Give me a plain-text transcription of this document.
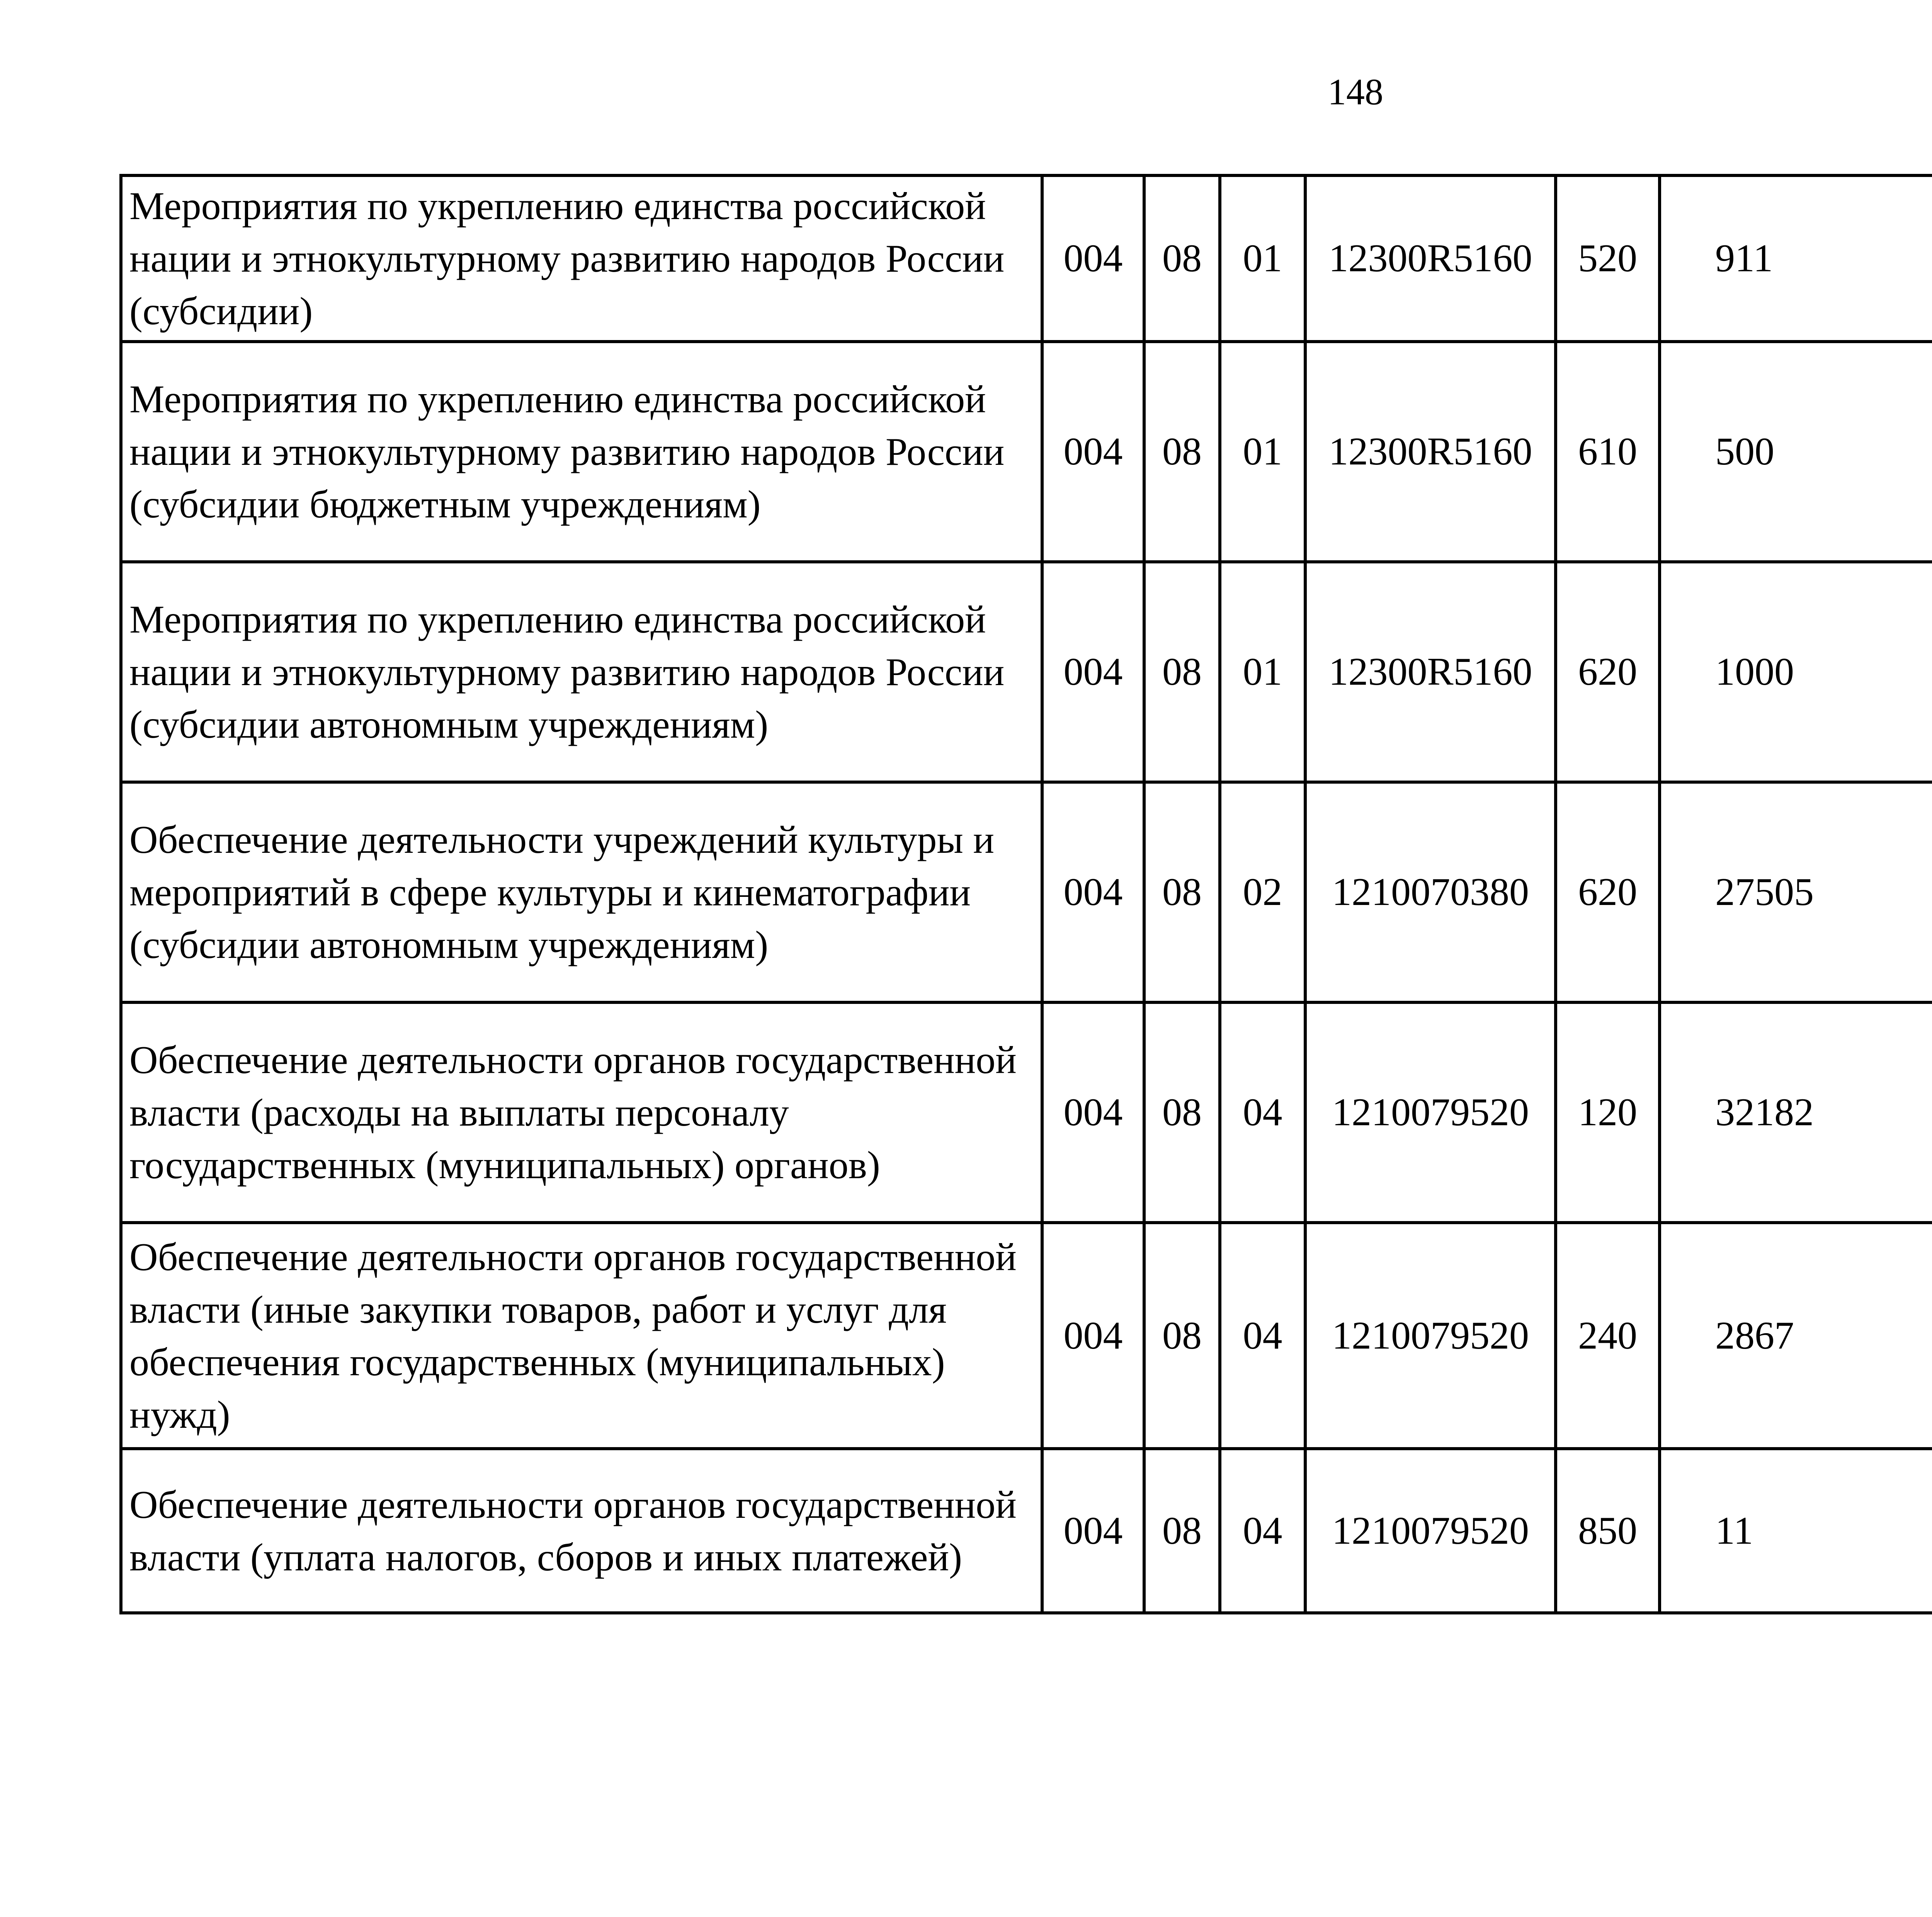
148
Мероприятия по укреплению единства российской нации и этнокультурному развитию народов России (субсидии)	004	08	01	12300R5160	520	911		
Мероприятия по укреплению единства российской нации и этнокультурному развитию народов России (субсидии бюджетным учреждениям)	004	08	01	12300R5160	610	500		
Мероприятия по укреплению единства российской нации и этнокультурному развитию народов России (субсидии автономным учреждениям)	004	08	01	12300R5160	620	1000		
Обеспечение деятельности учреждений культуры и мероприятий в сфере культуры и кинематографии (субсидии автономным учреждениям)	004	08	02	1210070380	620	27505		
Обеспечение деятельности органов государственной власти (расходы на выплаты персоналу государственных (муниципальных) органов)	004	08	04	1210079520	120	32182		
Обеспечение деятельности органов государственной власти (иные закупки товаров, работ и услуг для обеспечения государственных (муниципальных) нужд)	004	08	04	1210079520	240	2867		
Обеспечение деятельности органов государственной власти (уплата налогов, сборов и иных платежей)	004	08	04	1210079520	850	11		
